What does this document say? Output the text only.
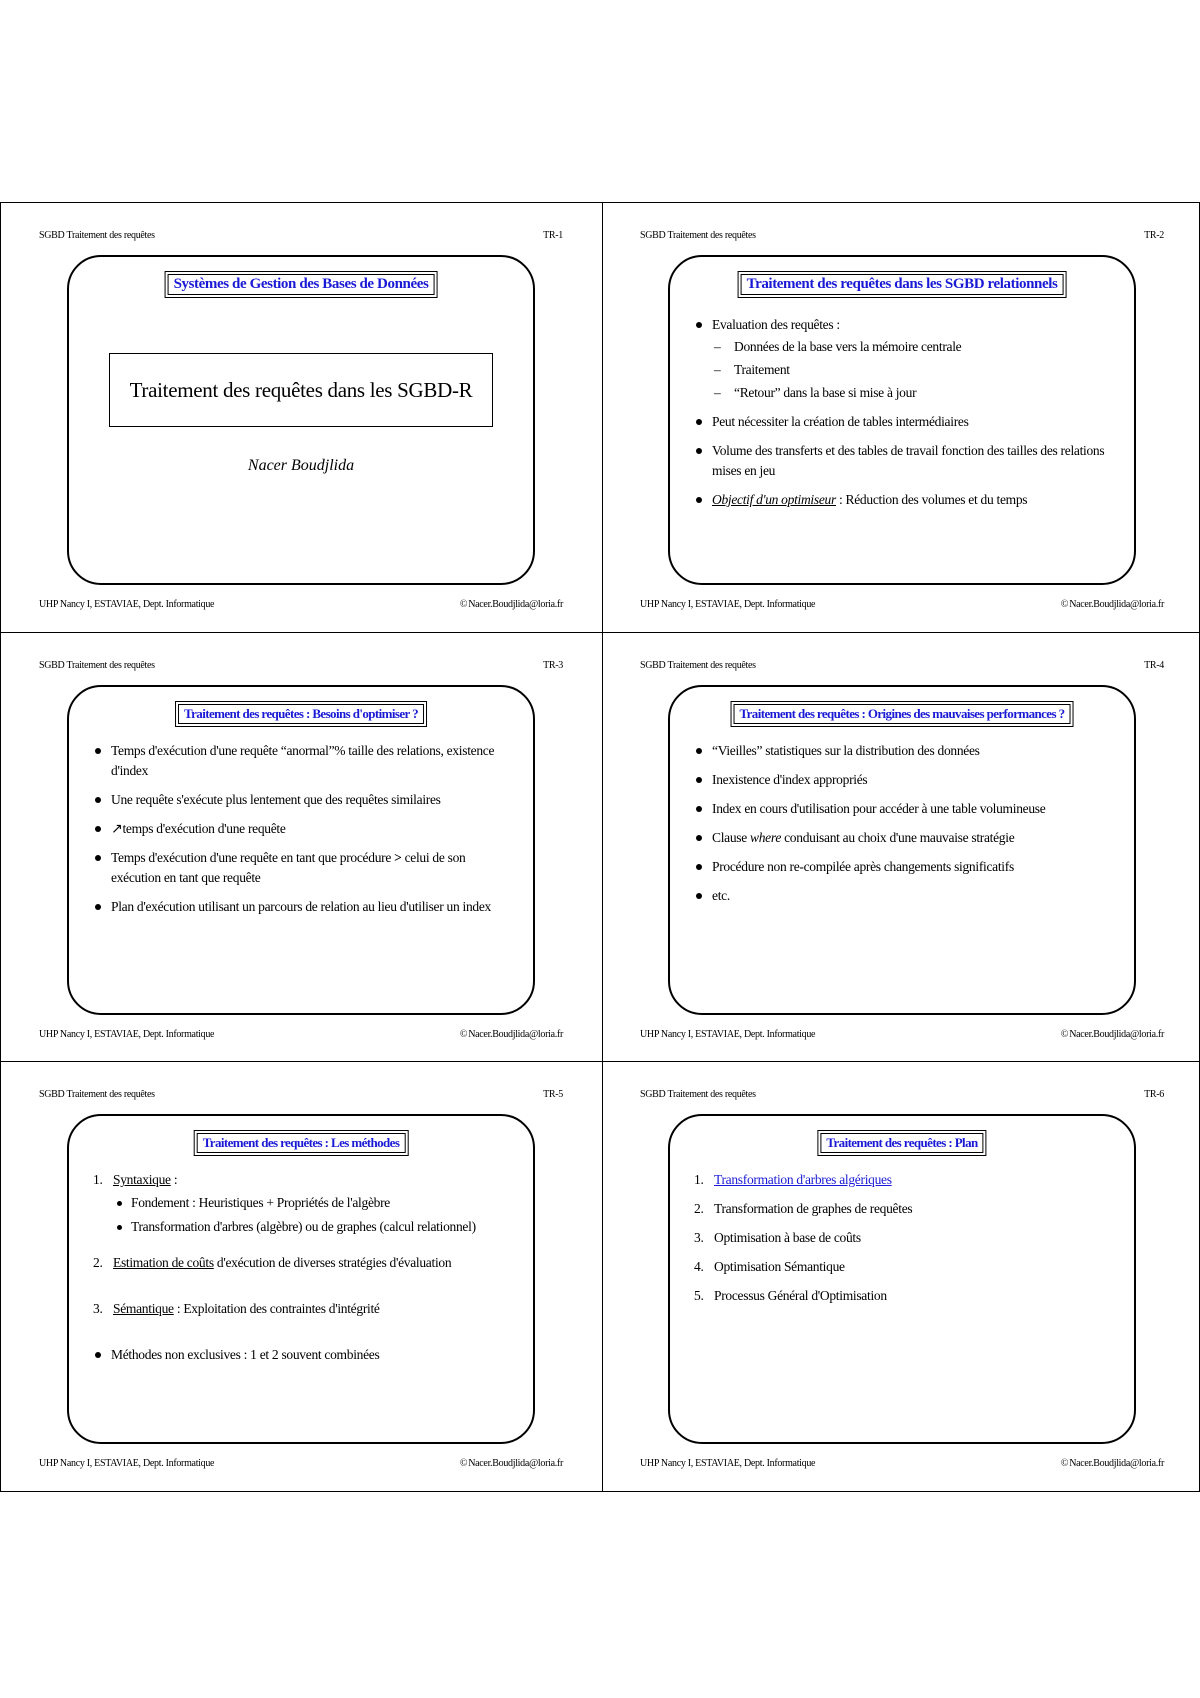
SGBD Traitement des requêtes	TR-1
Systèmes de Gestion des Bases de Données
Traitement des requêtes dans les SGBD-R
Nacer Boudjlida
UHP Nancy I, ESTAVIAE, Dept. Informatique	©Nacer.Boudjlida@loria.fr
SGBD Traitement des requêtes	TR-2
Traitement des requêtes dans les SGBD relationnels
Evaluation des requêtes :
– Données de la base vers la mémoire centrale
– Traitement
– “Retour” dans la base si mise à jour
Peut nécessiter la création de tables intermédiaires
Volume des transferts et des tables de travail fonction des tailles des relations mises en jeu
Objectif d'un optimiseur : Réduction des volumes et du temps
UHP Nancy I, ESTAVIAE, Dept. Informatique	©Nacer.Boudjlida@loria.fr
SGBD Traitement des requêtes	TR-3
Traitement des requêtes : Besoins d'optimiser ?
Temps d'exécution d'une requête “anormal”% taille des relations, existence d'index
Une requête s'exécute plus lentement que des requêtes similaires
↗temps d'exécution d'une requête
Temps d'exécution d'une requête en tant que procédure > celui de son exécution en tant que requête
Plan d'exécution utilisant un parcours de relation au lieu d'utiliser un index
UHP Nancy I, ESTAVIAE, Dept. Informatique	©Nacer.Boudjlida@loria.fr
SGBD Traitement des requêtes	TR-4
Traitement des requêtes : Origines des mauvaises performances ?
“Vieilles” statistiques sur la distribution des données
Inexistence d'index appropriés
Index en cours d'utilisation pour accéder à une table volumineuse
Clause where conduisant au choix d'une mauvaise stratégie
Procédure non re-compilée après changements significatifs
etc.
UHP Nancy I, ESTAVIAE, Dept. Informatique	©Nacer.Boudjlida@loria.fr
SGBD Traitement des requêtes	TR-5
Traitement des requêtes : Les méthodes
1. Syntaxique :
Fondement : Heuristiques + Propriétés de l'algèbre
Transformation d'arbres (algèbre) ou de graphes (calcul relationnel)
2. Estimation de coûts d'exécution de diverses stratégies d'évaluation
3. Sémantique : Exploitation des contraintes d'intégrité
Méthodes non exclusives : 1 et 2 souvent combinées
UHP Nancy I, ESTAVIAE, Dept. Informatique	©Nacer.Boudjlida@loria.fr
SGBD Traitement des requêtes	TR-6
Traitement des requêtes : Plan
1. Transformation d'arbres algériques
2. Transformation de graphes de requêtes
3. Optimisation à base de coûts
4. Optimisation Sémantique
5. Processus Général d'Optimisation
UHP Nancy I, ESTAVIAE, Dept. Informatique	©Nacer.Boudjlida@loria.fr
